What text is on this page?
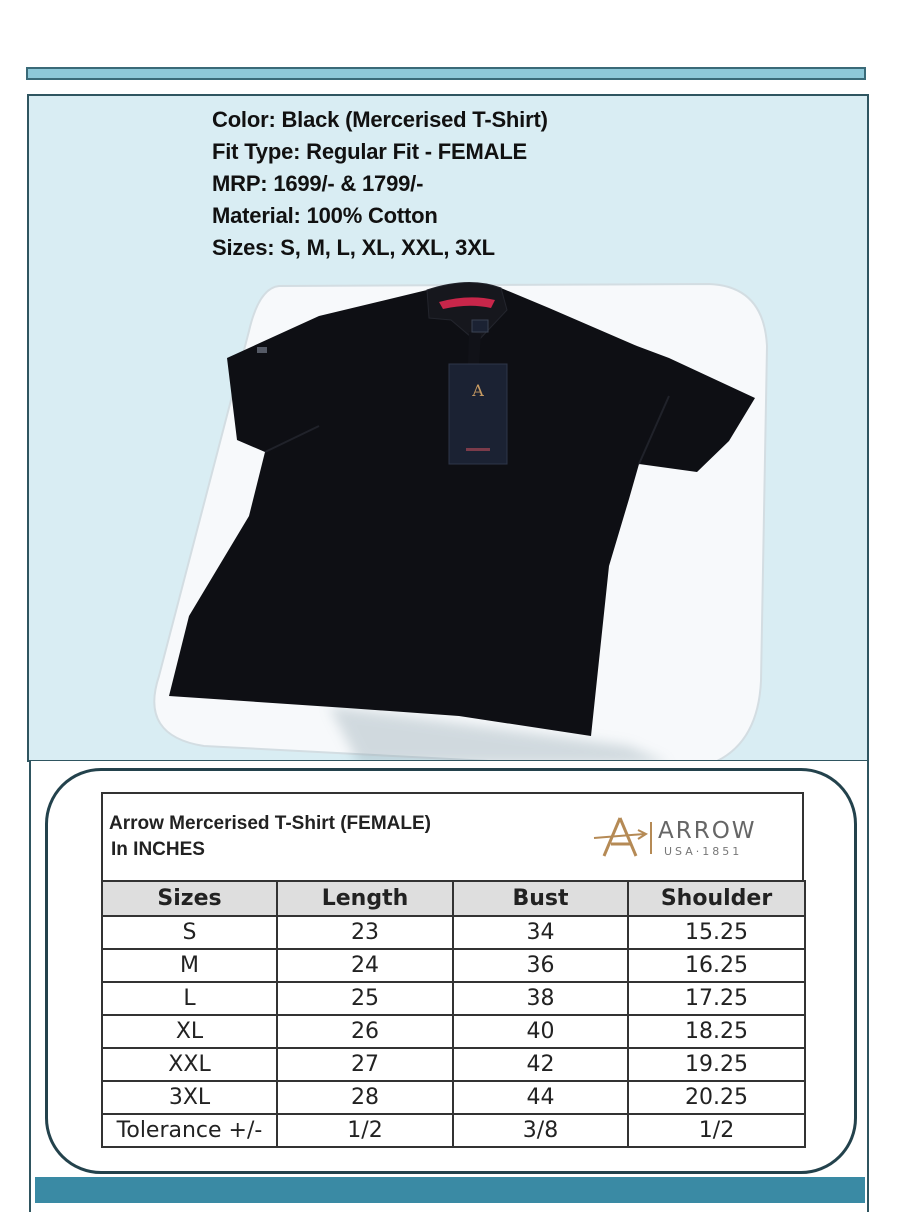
A
Color: Black (Mercerised T-Shirt)
Fit Type: Regular Fit - FEMALE
MRP: 1699/- & 1799/-
Material: 100% Cotton
Sizes: S, M, L, XL, XXL, 3XL
Arrow Mercerised T-Shirt (FEMALE)
In INCHES
ARROW
USA·1851
Sizes	Length	Bust	Shoulder
S	23	34	15.25
M	24	36	16.25
L	25	38	17.25
XL	26	40	18.25
XXL	27	42	19.25
3XL	28	44	20.25
Tolerance +/-	1/2	3/8	1/2
